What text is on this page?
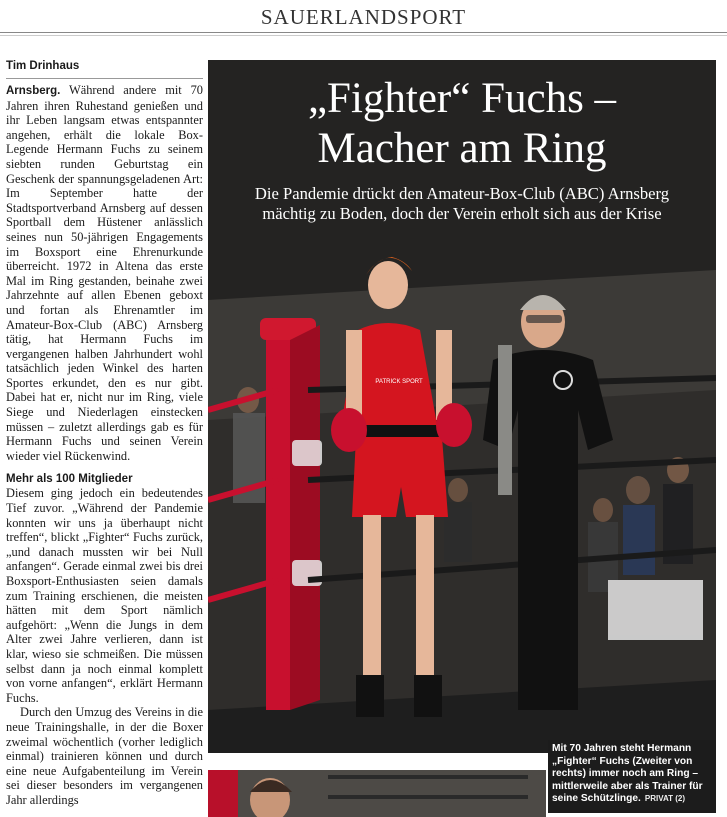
SAUERLANDSPORT
Tim Drinhaus

Arnsberg. Während andere mit 70 Jahren ihren Ruhestand genießen und ihr Leben langsam etwas entspannter angehen, erhält die lokale Box-Legende Hermann Fuchs zu seinem siebten runden Geburtstag ein Geschenk der spannungsgeladenen Art: Im September hatte der Stadtsportverband Arnsberg auf dessen Sportball dem Hüstener anlässlich seines nun 50-jährigen Engagements im Boxsport eine Ehrenurkunde überreicht. 1972 in Altena das erste Mal im Ring gestanden, beinahe zwei Jahrzehnte auf allen Ebenen geboxt und fortan als Ehrenamtler im Amateur-Box-Club (ABC) Arnsberg tätig, hat Hermann Fuchs im vergangenen halben Jahrhundert wohl tatsächlich jeden Winkel des harten Sportes erkundet, den es nur gibt. Dabei hat er, nicht nur im Ring, viele Siege und Niederlagen einstecken müssen – zuletzt allerdings gab es für Hermann Fuchs und seinen Verein wieder viel Rückenwind.

Mehr als 100 Mitglieder

Diesem ging jedoch ein bedeutendes Tief zuvor. „Während der Pandemie konnten wir uns ja überhaupt nicht treffen“, blickt „Fighter“ Fuchs zurück, „und danach mussten wir bei Null anfangen“. Gerade einmal zwei bis drei Boxsport-Enthusiasten seien damals zum Training erschienen, die meisten hätten mit dem Sport nämlich aufgehört: „Wenn die Jungs in dem Alter zwei Jahre verlieren, dann ist klar, wieso sie schmeißen. Die müssen selbst dann ja noch einmal komplett von vorne anfangen“, erklärt Hermann Fuchs.

Durch den Umzug des Vereins in die neue Trainingshalle, in der die Boxer zweimal wöchentlich (vorher lediglich einmal) trainieren können und durch eine neue Aufgabenteilung im Verein sei dieser besonders im vergangenen Jahr allerdings

PATRICK SPORT
„Fighter“ Fuchs –
Macher am Ring
Die Pandemie drückt den Amateur-Box-Club (ABC) Arnsberg
mächtig zu Boden, doch der Verein erholt sich aus der Krise
Mit 70 Jahren steht Hermann „Fighter“ Fuchs (Zweiter von rechts) immer noch am Ring – mittlerweile aber als Trainer für seine Schützlinge. PRIVAT (2)
